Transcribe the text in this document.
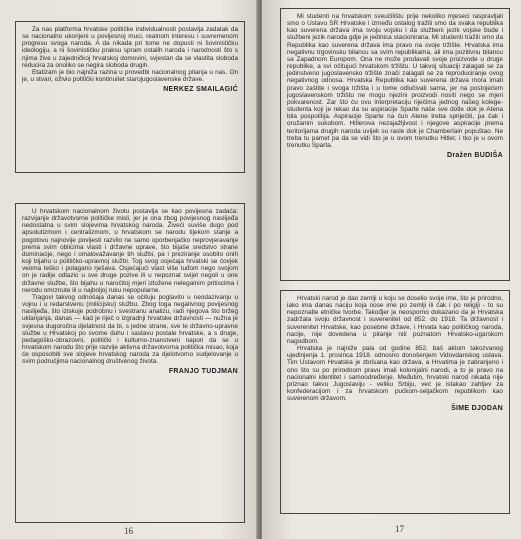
Za nas platforma hrvatske političke individualnosti postavlja zadatak da se nacionalno ukorijeni u povijesnoj muci, realnom interesu i suvremenom progresu svoga naroda. A da nikada pri tome ne dopusti ni šovinističku ideologiju, a ni šovinističku praksu spram ostalih naroda i narodnosti što s njima žive u zajedničkoj hrvatskoj domovini, svjestan da se vlastita sloboda reducira za onoliko se negira sloboda drugih.

Etatizam je bio najniža razina u provedbi nacionalnog pitanja u nas. On je, u stvari, oživio politički kontinuitet starojugoslavenske države.

NERKEZ SMAILAGIĆ

U hrvatskom nacionalnom životu postavlja se kao povijesna zadaća: razvijanje državotvorne političke misli, jer je ona zbog povijesnog naslijeđa nedostatna u svim slojevima hrvatskog naroda. Živeći suviše dugo pod apsolutizmom i centralizmom, u hrvatskom se narodu tijekom starije a pogotovu najnovije povijesti razvilo ne samo oporbenjačko neprovjeravanje prema svim oblicima vlasti i državne uprave, što bijaše sredstvo strane dominacije, nego i omalovažavanje tih službi, pa i preziranje osobito onih koji bijahu u političko-upravnoj službi. Tog svog osjećaja hrvatski se čovjek veoma teško i polagano rješava. Osjećajući vlast više tuđom nego svojom on je radije odlazio u sve druge pozive ili u nepoznat svijet negoli u one državne službe, što bijahu u naročitoj mjeri izložene nelegalnim pritiscima i nerodu omrznute ili u najboljoj ruku nepopularne.

Tragovi takvog odnošaja danas se očituju poglavito u neodazivanju u vojnu i u redarstvenu (milicijsku) službu. Zbog toga negativnog povijesnog naslijeđa, što iziskuje podrobnu i svestranu analizu, radi njegova što bržeg uklanjanja, danas — kad je riječ o izgradnji hrvatske državnosti — nužna je svjesna dugoročna djelatnost da bi, s jedne strane, sve te državno-upravne službe u Hrvatskoj po svome duhu i sastavu postale hrvatske, a s druge, pedagoško-obrazovni, politički i kulturno-znanstveni napori da se u hrvatskom narodu što prije razvije aktivna državotvorna politička misao, koja će osposobiti sve slojeve hrvatskog naroda za djelotvorno sudjelovanje u svim područjima nacionalnog društvenog života.

FRANJO TUDJMAN
16

Mi studenti na hrvatskom sveučilištu prije nekoliko mjeseci raspravljali smo o Ustavu SR Hrvatske i između ostalog tražili smo da svaka republika kao suverena država ima svoju vojsku i da službeni jezik vojske bude i službeni jezik naroda gdje je jedinica stacionirana. Mi studenti tražili smo da Republika kao suverena država ima pravo na svoje tržište. Hrvatska ima negativnu trgovinsku bilancu sa svim republikama, ali ima pozitivnu bilancu sa Zapadnom Europom. Ona ne može prodavati svoje proizvode u druge republike, a svi očitujući hrvatskom tržištu. U takvoj situaciji zalagati se za jedinstveno jugoslavensko tržište znači zalagati se za reproduciranje ovog negativnog odnosa. Hrvatska Republika kao suverena država mora imati pravo zaštite i svoga tržišta i u tome odlučivati sama, jer na postojećem jugoslavenskom tržištu ne mogu njezini proizvodi nositi nego se mjeri pokvarenost. Zar što ću ovu interpretaciju riječima jednog našeg kolege-studenta koji je rekao da su aspiracije Sparte naše sve dotle dok je Atena bila pospolitija. Aspiracije Sparte na čun Atene treba spriječiti, pa čak i oružanim sukobom. Hitlerova nezajažljivost i njegove aspiracije prema teritorijama drugih naroda uvijek su rasle dok je Chamberlain popuštao. Ne treba tu pamet pa da se vidi što je u ovom trenutku Hitler, i tko je u ovom trenutku Sparta.

Dražen BUDIŠA

Hrvatski narod je dao zemlji u koju se doselio svoje ime, što je prirodno, iako ima danas naciju koja nose ime po zemlji ili čak i po religiji - to su nepoznatle etničke tvorbe. Takođjer je neosporno dokazano da je Hrvatska zadržala svoju državnost i suverenitet od 852. do 1918. Ta državnost i suverenitet Hrvatske, kao posebne države, i Hrvata kao političkog naroda, nacije, nije dovedena u pitanje niti poznatom Hrvatsko-ugarskom nagodbom.

Hrvatska je najniže pala od godine 852. baš aktom takozvanog ujedinjenja 1. prosinca 1918. odnosno donošenjem Vidovdanskog ustava. Tim Ustavom Hrvatska je zbrisana kao država, a Hrvatima je zabranjeno i ono što su po prirodnom pravu imali kolonijalni narodi, a to je pravo na nacionalni identitet i samoodređenje. Međutim, hrvatski narod nikada nije priznao takvu Jugoslaviju - veliku Srbiju, već je istakao zahtjev za konfederacijom i za hrvatskom pučkom-seljačkom republikom kao suverenom državom.

ŠIME DJODAN
17
